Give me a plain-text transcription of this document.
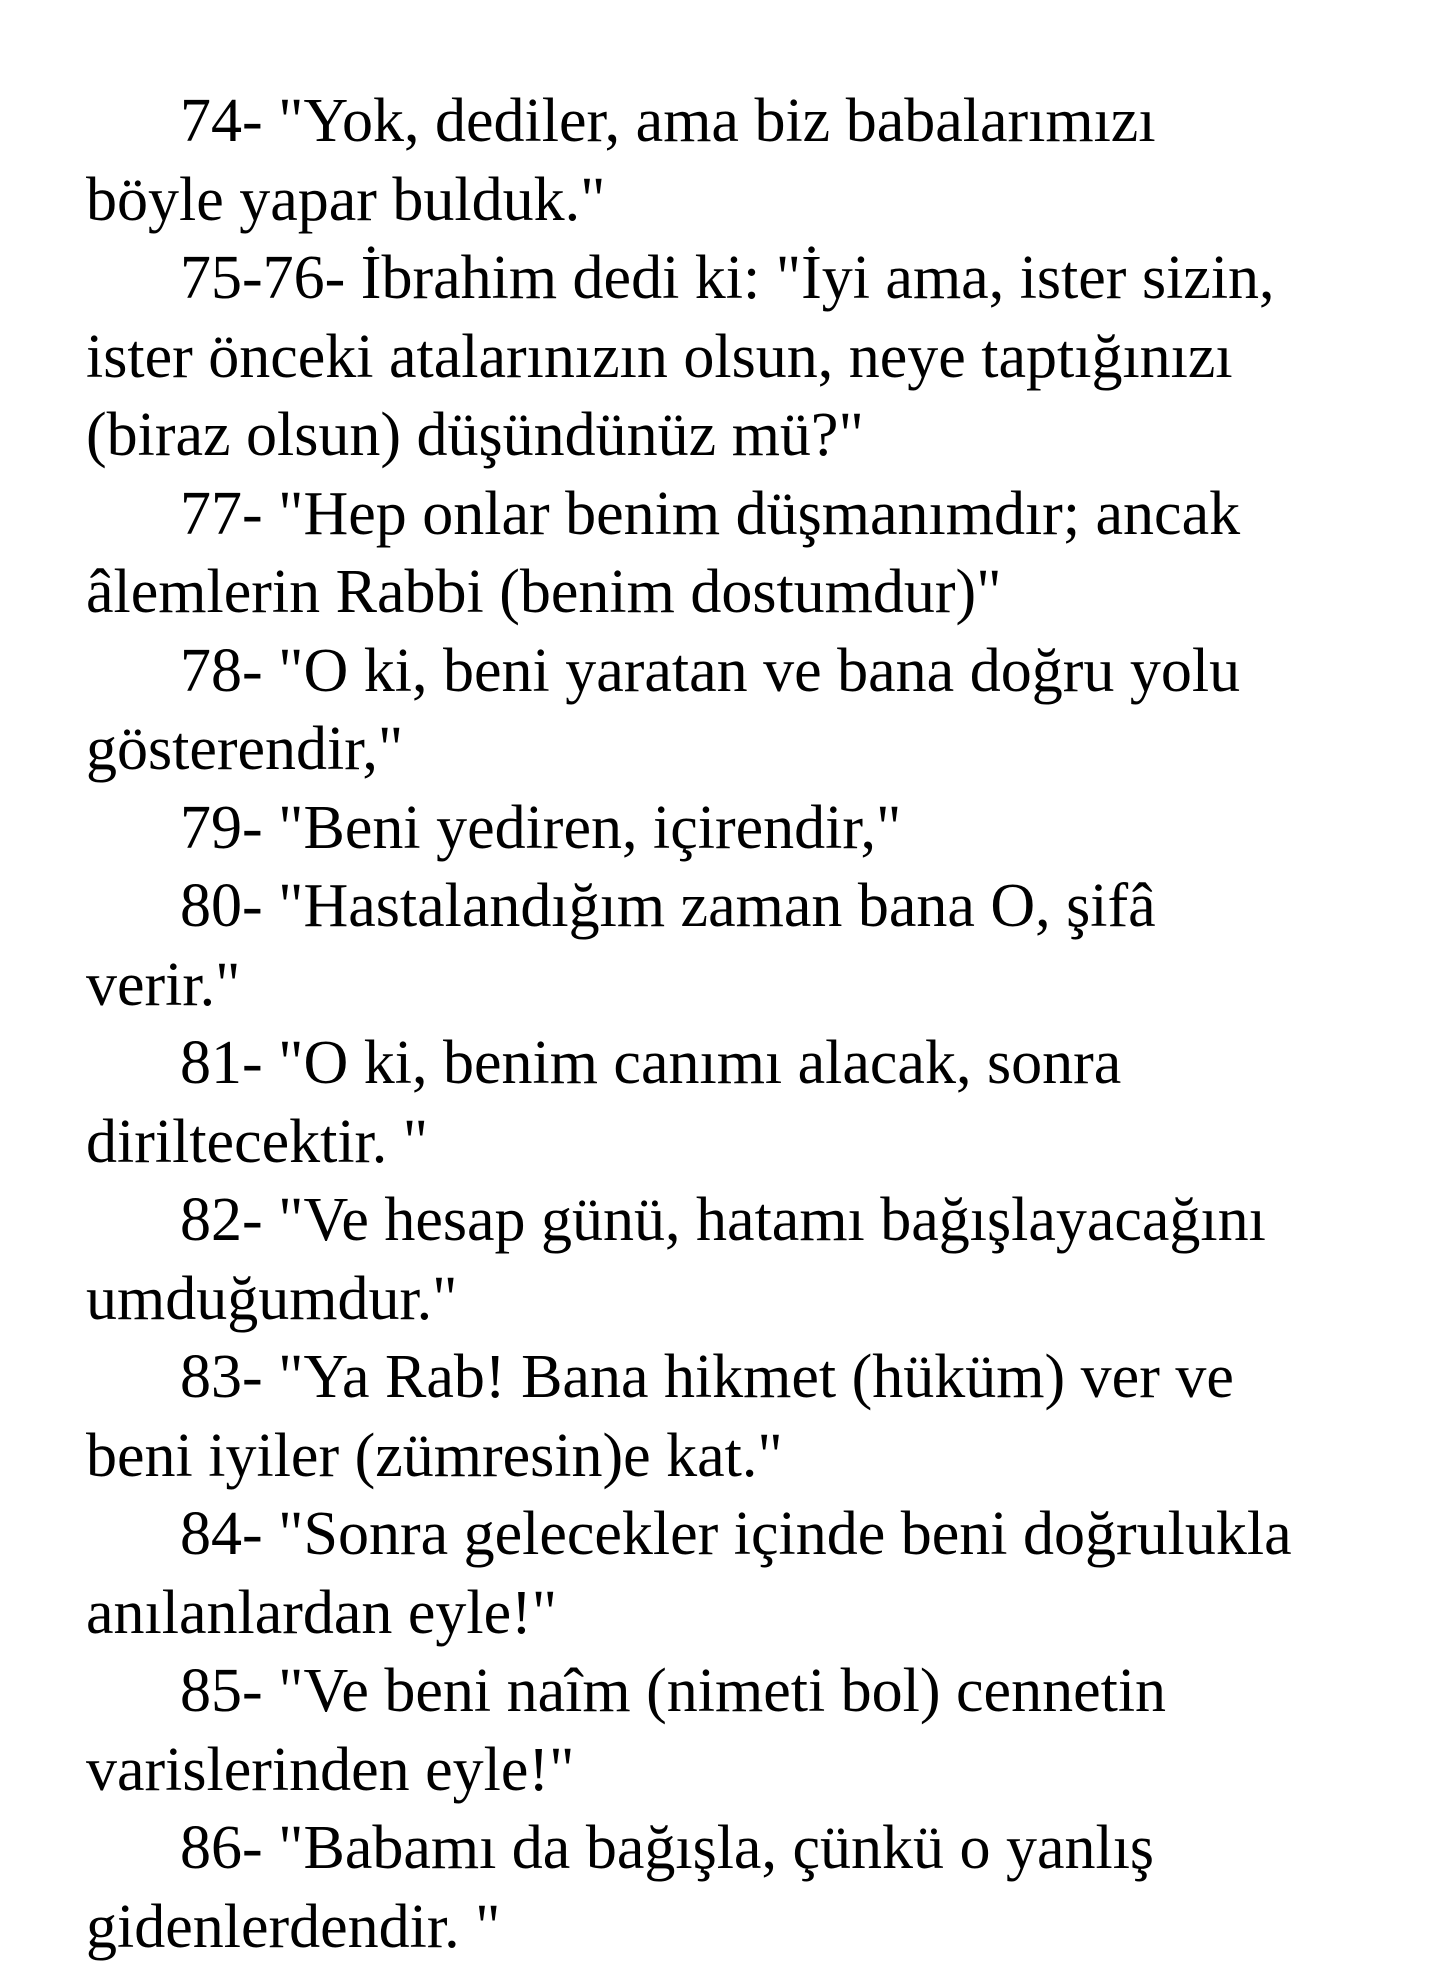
74- "Yok, dediler, ama biz babalarımızı
böyle yapar bulduk."
75-76- İbrahim dedi ki: "İyi ama, ister sizin,
ister önceki atalarınızın olsun, neye taptığınızı
(biraz olsun) düşündünüz mü?"
77- "Hep onlar benim düşmanımdır; ancak
âlemlerin Rabbi (benim dostumdur)"
78- "O ki, beni yaratan ve bana doğru yolu
gösterendir,"
79- "Beni yediren, içirendir,"
80- "Hastalandığım zaman bana O, şifâ
verir."
81- "O ki, benim canımı alacak, sonra
diriltecektir. "
82- "Ve hesap günü, hatamı bağışlayacağını
umduğumdur."
83- "Ya Rab! Bana hikmet (hüküm) ver ve
beni iyiler (zümresin)e kat."
84- "Sonra gelecekler içinde beni doğrulukla
anılanlardan eyle!"
85- "Ve beni naîm (nimeti bol) cennetin
varislerinden eyle!"
86- "Babamı da bağışla, çünkü o yanlış
gidenlerdendir. "
